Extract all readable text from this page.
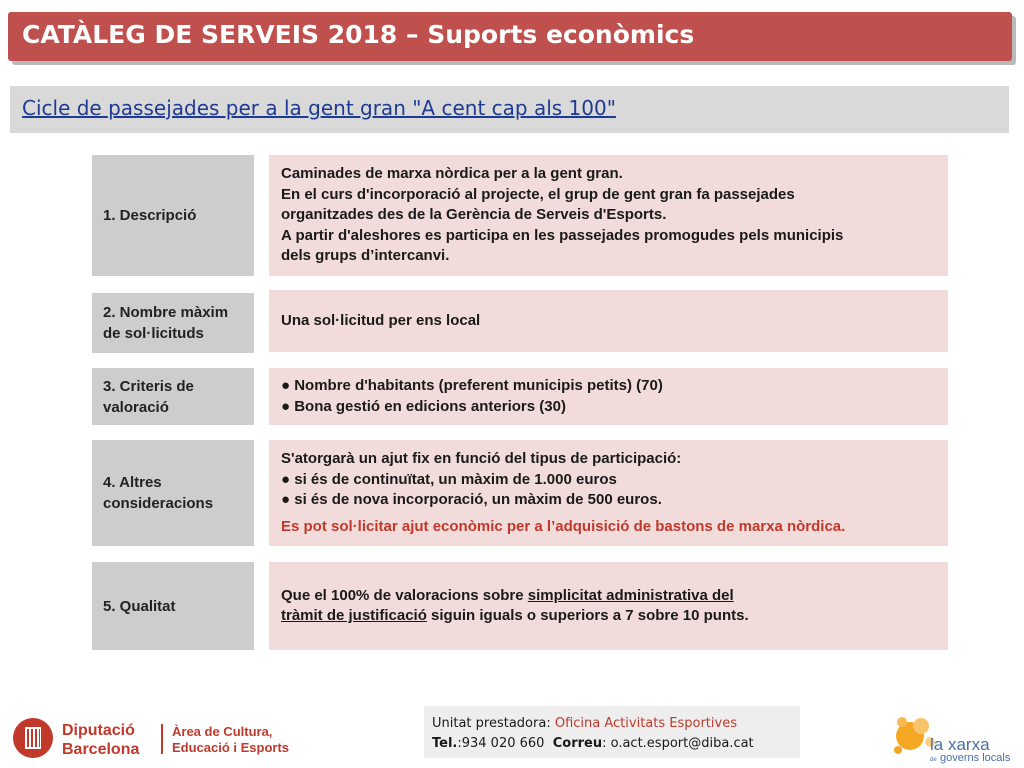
CATÀLEG DE SERVEIS 2018 – Suports econòmics
Cicle de passejades per a la gent gran "A cent cap als 100"
1. Descripció
Caminades de marxa nòrdica per a la gent gran.
En el curs d'incorporació al projecte, el grup de gent gran fa passejades
organitzades des de la Gerència de Serveis d'Esports.
A partir d'aleshores es participa en les passejades promogudes pels municipis
dels grups d’intercanvi.
2. Nombre màxim
de sol·licituds
Una sol·licitud per ens local
3. Criteris de
valoració
● Nombre d'habitants (preferent municipis petits) (70)
● Bona gestió en edicions anteriors (30)
4. Altres
consideracions
S'atorgarà un ajut fix en funció del tipus de participació:
● si és de continuïtat, un màxim de 1.000 euros
● si és de nova incorporació, un màxim de 500 euros.
Es pot sol·licitar ajut econòmic per a l’adquisició de bastons de marxa nòrdica.
5. Qualitat
Que el 100% de valoracions sobre simplicitat administrativa del
tràmit de justificació siguin iguals o superiors a 7 sobre 10 punts.
Diputació
Barcelona
Àrea de Cultura,
Educació i Esports
Unitat prestadora: Oficina Activitats Esportives
Tel.:934 020 660 Correu: o.act.esport@diba.cat	la xarxa
de governs locals
